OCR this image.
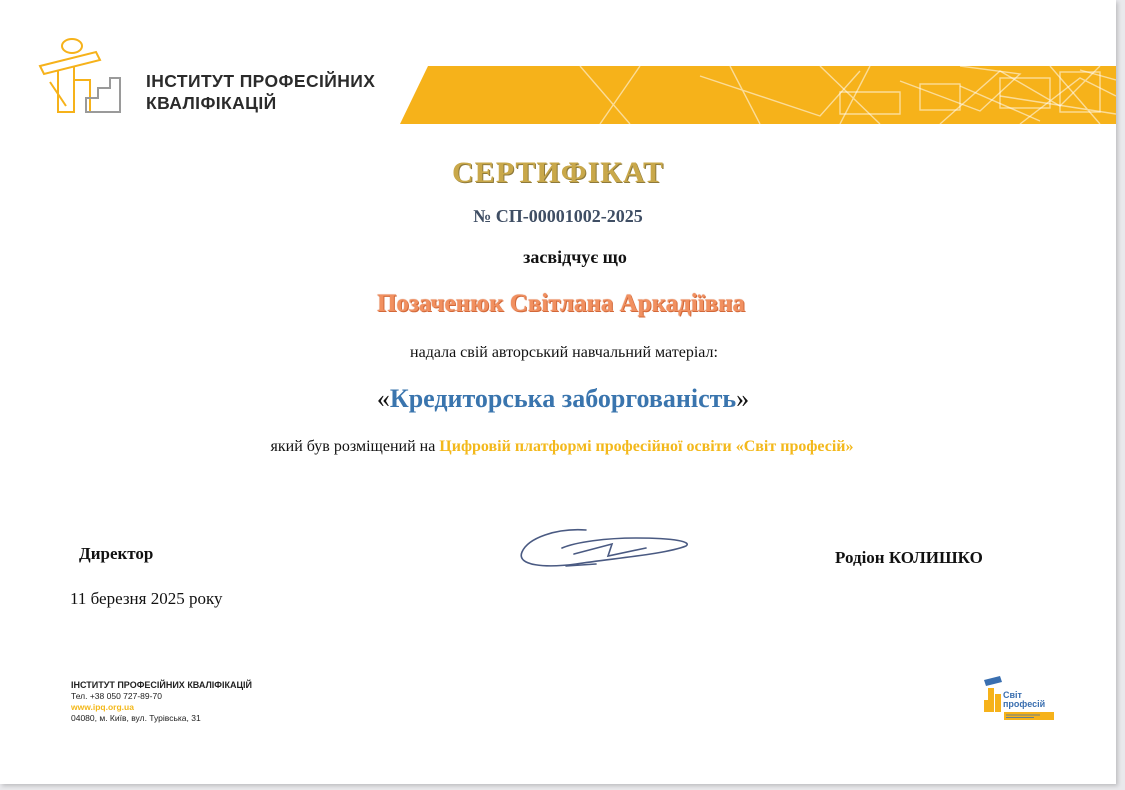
ІНСТИТУТ ПРОФЕСІЙНИХ
КВАЛІФІКАЦІЙ
СЕРТИФІКАТ
№ СП-00001002-2025
засвідчує що
Позаченюк Світлана Аркадіївна
надала свій авторський навчальний матеріал:
«Кредиторська заборгованість»
який був розміщений на Цифровій платформі професійної освіти «Світ професій»
Директор
11 березня 2025 року
Родіон КОЛИШКО
ІНСТИТУТ ПРОФЕСІЙНИХ КВАЛІФІКАЦІЙ
Тел. +38 050 727-89-70
www.ipq.org.ua
04080, м. Київ, вул. Турівська, 31
Світ
професій
